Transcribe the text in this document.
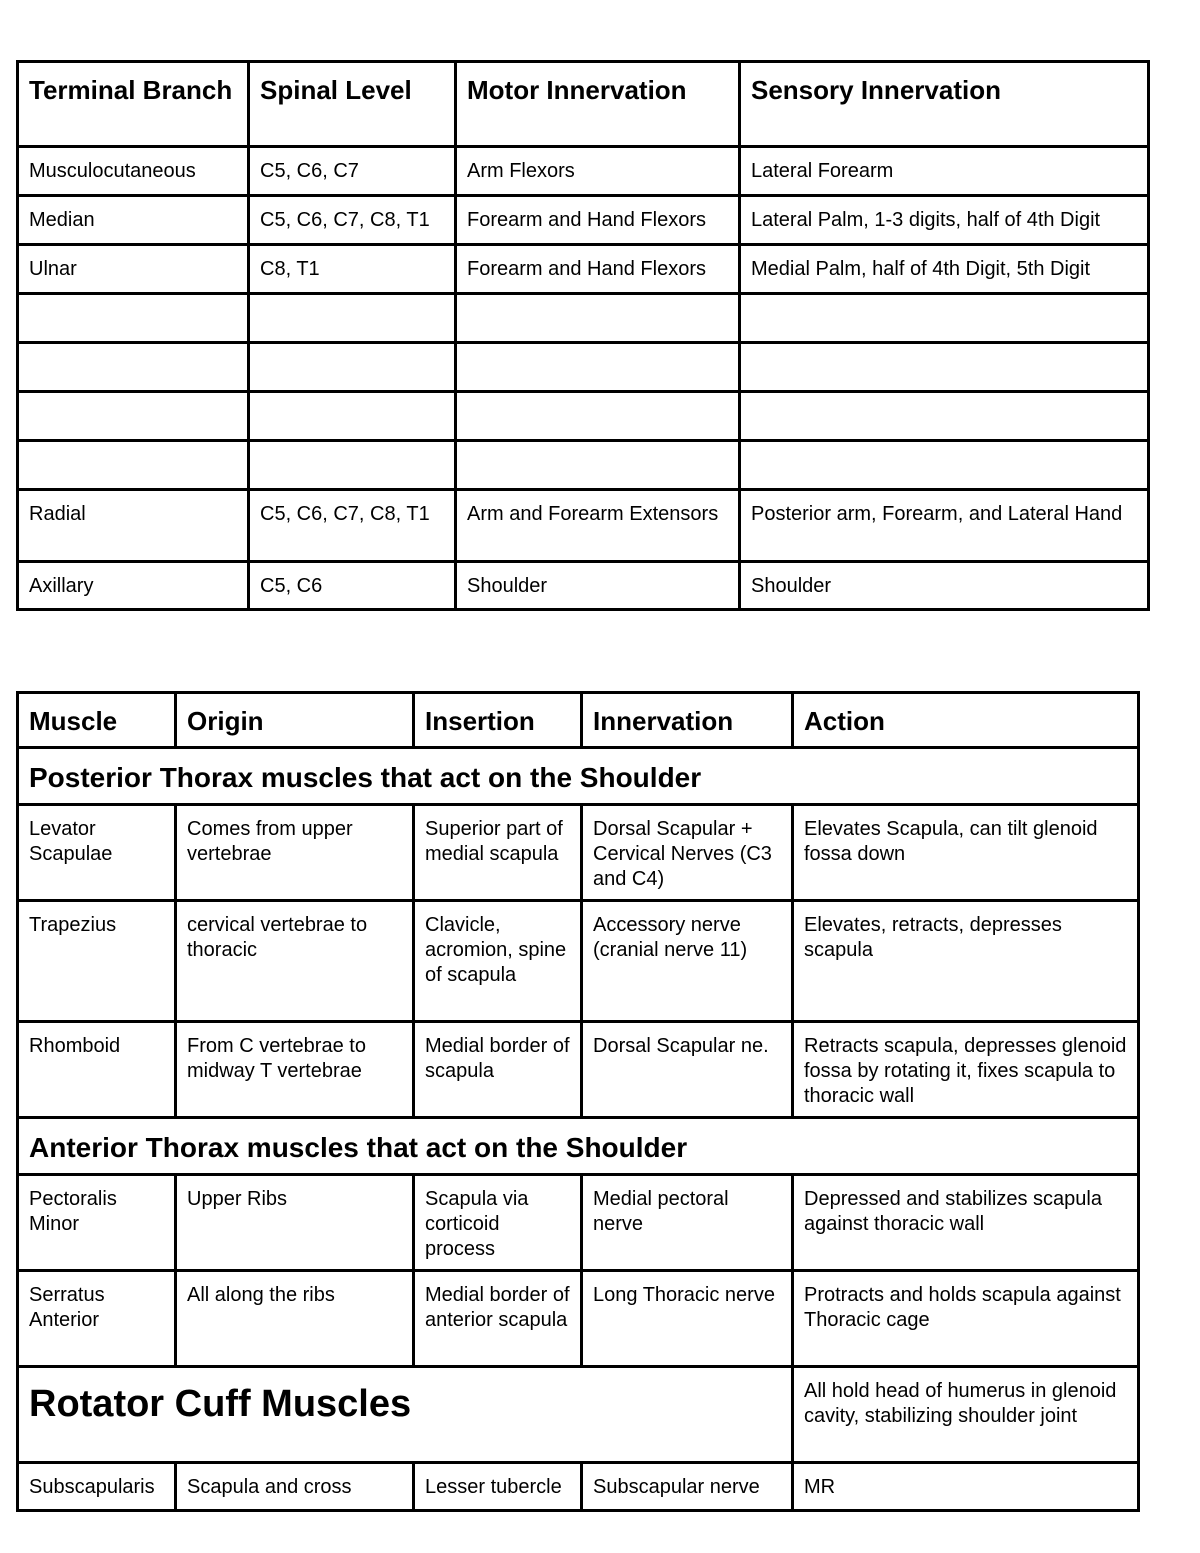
Terminal Branch	Spinal Level	Motor Innervation	Sensory Innervation
Musculocutaneous	C5, C6, C7	Arm Flexors	Lateral Forearm
Median	C5, C6, C7, C8, T1	Forearm and Hand Flexors	Lateral Palm, 1-3 digits, half of 4th Digit
Ulnar	C8, T1	Forearm and Hand Flexors	Medial Palm, half of 4th Digit, 5th Digit

Radial	C5, C6, C7, C8, T1	Arm and Forearm Extensors	Posterior arm, Forearm, and Lateral Hand
Axillary	C5, C6	Shoulder	Shoulder
Muscle	Origin	Insertion	Innervation	Action
Posterior Thorax muscles that act on the Shoulder				
Levator Scapulae	Comes from upper vertebrae	Superior part of medial scapula	Dorsal Scapular + Cervical Nerves (C3 and C4)	Elevates Scapula, can tilt glenoid fossa down
Trapezius	cervical vertebrae to thoracic	Clavicle, acromion, spine of scapula	Accessory nerve (cranial nerve 11)	Elevates, retracts, depresses scapula
Rhomboid	From C vertebrae to midway T vertebrae	Medial border of scapula	Dorsal Scapular ne.	Retracts scapula, depresses glenoid fossa by rotating it, fixes scapula to thoracic wall
Anterior Thorax muscles that act on the Shoulder				
Pectoralis Minor	Upper Ribs	Scapula via corticoid process	Medial pectoral nerve	Depressed and stabilizes scapula against thoracic wall
Serratus Anterior	All along the ribs	Medial border of anterior scapula	Long Thoracic nerve	Protracts and holds scapula against Thoracic cage
Rotator Cuff Muscles				All hold head of humerus in glenoid cavity, stabilizing shoulder joint
Subscapularis	Scapula and cross	Lesser tubercle	Subscapular nerve	MR
